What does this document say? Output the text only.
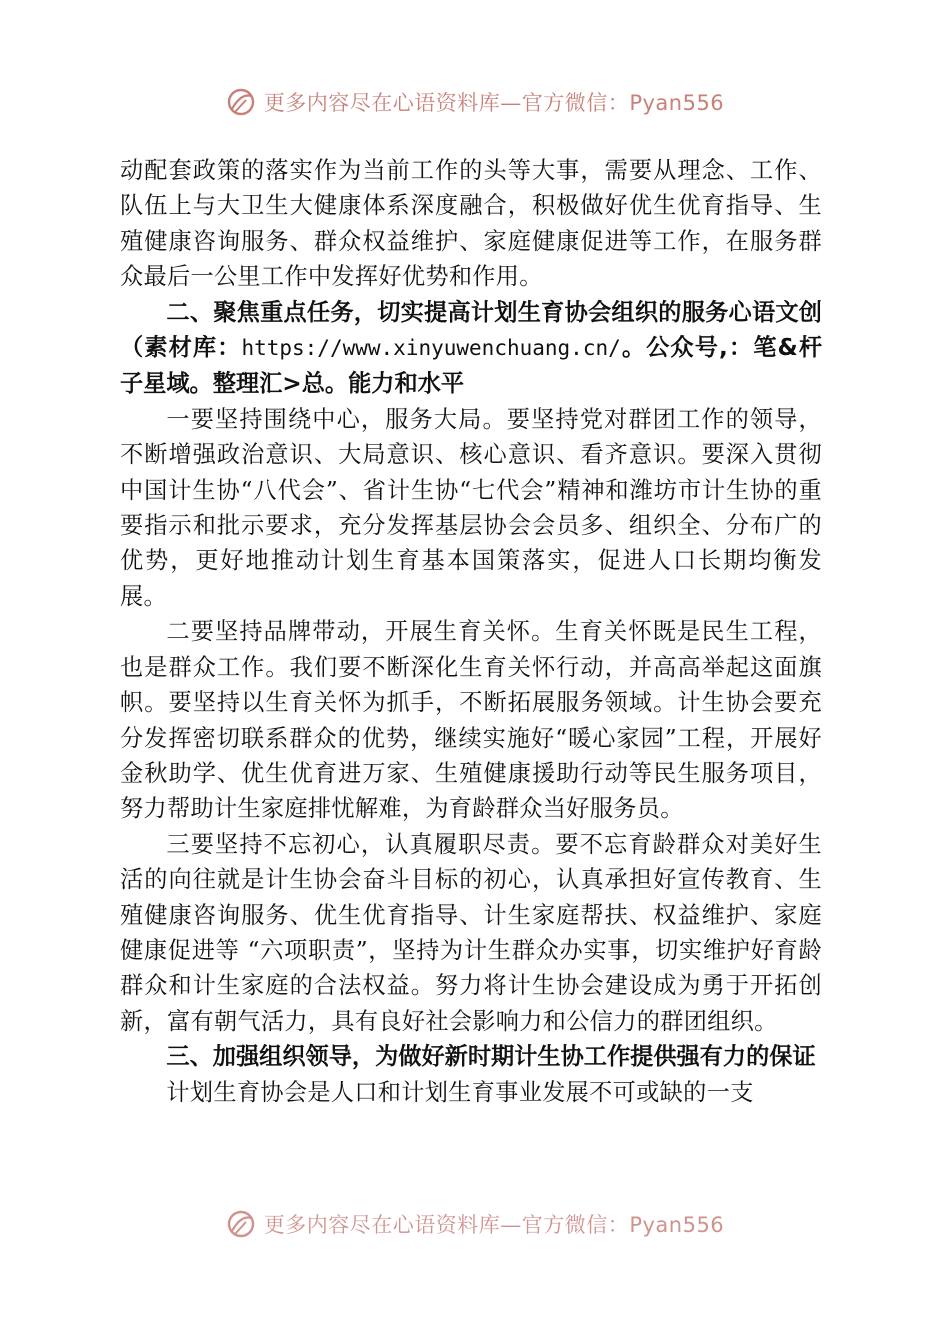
更多内容尽在心语资料库—官方微信：Pyan556

动配套政策的落实作为当前工作的头等大事，需要从理念、工作、队伍上与大卫生大健康体系深度融合，积极做好优生优育指导、生殖健康咨询服务、群众权益维护、家庭健康促进等工作，在服务群众最后一公里工作中发挥好优势和作用。

二、聚焦重点任务，切实提高计划生育协会组织的服务心语文创（素材库：https://www.xinyuwenchuang.cn/。公众号,：笔&杆子星域。整理汇>总。能力和水平

一要坚持围绕中心，服务大局。要坚持党对群团工作的领导，不断增强政治意识、大局意识、核心意识、看齐意识。要深入贯彻中国计生协“八代会”、省计生协“七代会”精神和潍坊市计生协的重要指示和批示要求，充分发挥基层协会会员多、组织全、分布广的优势，更好地推动计划生育基本国策落实，促进人口长期均衡发展。

二要坚持品牌带动，开展生育关怀。生育关怀既是民生工程，也是群众工作。我们要不断深化生育关怀行动，并高高举起这面旗帜。要坚持以生育关怀为抓手，不断拓展服务领域。计生协会要充分发挥密切联系群众的优势，继续实施好“暖心家园”工程，开展好金秋助学、优生优育进万家、生殖健康援助行动等民生服务项目，努力帮助计生家庭排忧解难，为育龄群众当好服务员。

三要坚持不忘初心，认真履职尽责。要不忘育龄群众对美好生活的向往就是计生协会奋斗目标的初心，认真承担好宣传教育、生殖健康咨询服务、优生优育指导、计生家庭帮扶、权益维护、家庭健康促进等 “六项职责”，坚持为计生群众办实事，切实维护好育龄群众和计生家庭的合法权益。努力将计生协会建设成为勇于开拓创新，富有朝气活力，具有良好社会影响力和公信力的群团组织。

三、加强组织领导，为做好新时期计生协工作提供强有力的保证

计划生育协会是人口和计划生育事业发展不可或缺的一支

更多内容尽在心语资料库—官方微信：Pyan556
